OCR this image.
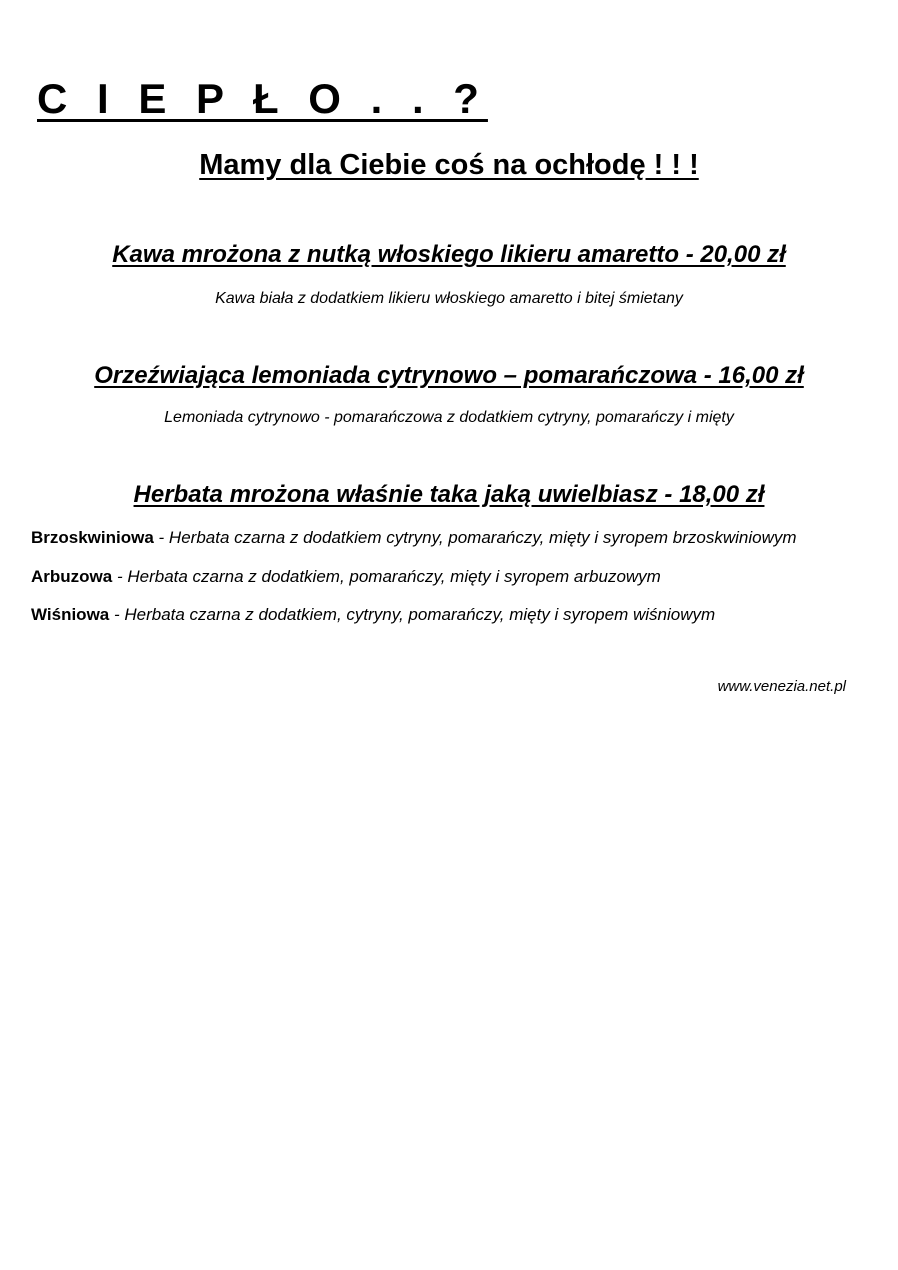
C I E P Ł O . . ?
Mamy dla Ciebie coś na ochłodę ! ! !
Kawa mrożona z nutką włoskiego likieru amaretto - 20,00 zł

Kawa biała z dodatkiem likieru włoskiego amaretto i bitej śmietany

Orzeźwiająca lemoniada cytrynowo – pomarańczowa - 16,00 zł

Lemoniada cytrynowo - pomarańczowa z dodatkiem cytryny, pomarańczy i mięty

Herbata mrożona właśnie taka jaką uwielbiasz - 18,00 zł

Brzoskwiniowa - Herbata czarna z dodatkiem cytryny, pomarańczy, mięty i syropem brzoskwiniowym

Arbuzowa - Herbata czarna z dodatkiem, pomarańczy, mięty i syropem arbuzowym

Wiśniowa - Herbata czarna z dodatkiem, cytryny, pomarańczy, mięty i syropem wiśniowym

www.venezia.net.pl
